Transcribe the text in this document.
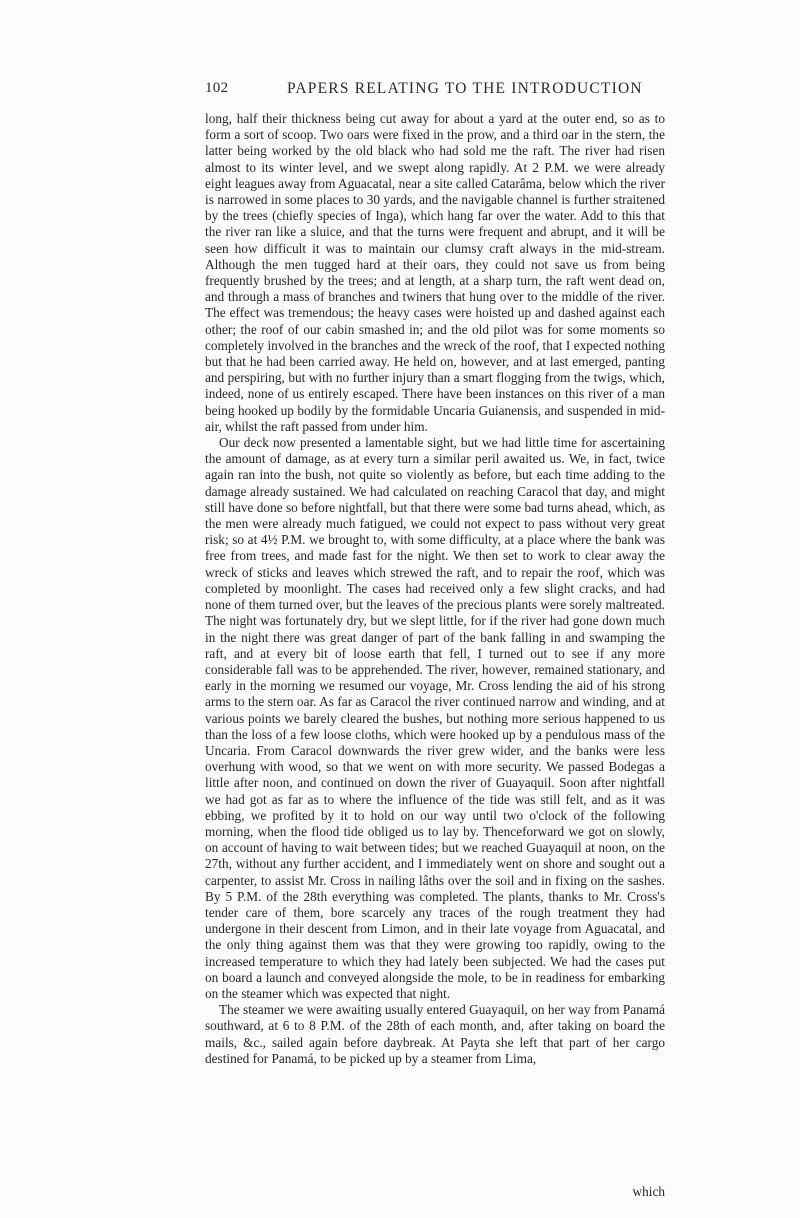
102	PAPERS RELATING TO THE INTRODUCTION

long, half their thickness being cut away for about a yard at the outer end, so as to form a sort of scoop. Two oars were fixed in the prow, and a third oar in the stern, the latter being worked by the old black who had sold me the raft. The river had risen almost to its winter level, and we swept along rapidly. At 2 P.M. we were already eight leagues away from Aguacatal, near a site called Catarâma, below which the river is narrowed in some places to 30 yards, and the navigable channel is further straitened by the trees (chiefly species of Inga), which hang far over the water. Add to this that the river ran like a sluice, and that the turns were frequent and abrupt, and it will be seen how difficult it was to maintain our clumsy craft always in the mid-stream. Although the men tugged hard at their oars, they could not save us from being frequently brushed by the trees; and at length, at a sharp turn, the raft went dead on, and through a mass of branches and twiners that hung over to the middle of the river. The effect was tremendous; the heavy cases were hoisted up and dashed against each other; the roof of our cabin smashed in; and the old pilot was for some moments so completely involved in the branches and the wreck of the roof, that I expected nothing but that he had been carried away. He held on, however, and at last emerged, panting and perspiring, but with no further injury than a smart flogging from the twigs, which, indeed, none of us entirely escaped. There have been instances on this river of a man being hooked up bodily by the formidable Uncaria Guianensis, and suspended in mid-air, whilst the raft passed from under him.

Our deck now presented a lamentable sight, but we had little time for ascertaining the amount of damage, as at every turn a similar peril awaited us. We, in fact, twice again ran into the bush, not quite so violently as before, but each time adding to the damage already sustained. We had calculated on reaching Caracol that day, and might still have done so before nightfall, but that there were some bad turns ahead, which, as the men were already much fatigued, we could not expect to pass without very great risk; so at 4½ P.M. we brought to, with some difficulty, at a place where the bank was free from trees, and made fast for the night. We then set to work to clear away the wreck of sticks and leaves which strewed the raft, and to repair the roof, which was completed by moonlight. The cases had received only a few slight cracks, and had none of them turned over, but the leaves of the precious plants were sorely maltreated. The night was fortunately dry, but we slept little, for if the river had gone down much in the night there was great danger of part of the bank falling in and swamping the raft, and at every bit of loose earth that fell, I turned out to see if any more considerable fall was to be apprehended. The river, however, remained stationary, and early in the morning we resumed our voyage, Mr. Cross lending the aid of his strong arms to the stern oar. As far as Caracol the river continued narrow and winding, and at various points we barely cleared the bushes, but nothing more serious happened to us than the loss of a few loose cloths, which were hooked up by a pendulous mass of the Uncaria. From Caracol downwards the river grew wider, and the banks were less overhung with wood, so that we went on with more security. We passed Bodegas a little after noon, and continued on down the river of Guayaquil. Soon after nightfall we had got as far as to where the influence of the tide was still felt, and as it was ebbing, we profited by it to hold on our way until two o'clock of the following morning, when the flood tide obliged us to lay by. Thenceforward we got on slowly, on account of having to wait between tides; but we reached Guayaquil at noon, on the 27th, without any further accident, and I immediately went on shore and sought out a carpenter, to assist Mr. Cross in nailing lâths over the soil and in fixing on the sashes. By 5 P.M. of the 28th everything was completed. The plants, thanks to Mr. Cross's tender care of them, bore scarcely any traces of the rough treatment they had undergone in their descent from Limon, and in their late voyage from Aguacatal, and the only thing against them was that they were growing too rapidly, owing to the increased temperature to which they had lately been subjected. We had the cases put on board a launch and conveyed alongside the mole, to be in readiness for embarking on the steamer which was expected that night.

The steamer we were awaiting usually entered Guayaquil, on her way from Panamá southward, at 6 to 8 P.M. of the 28th of each month, and, after taking on board the mails, &c., sailed again before daybreak. At Payta she left that part of her cargo destined for Panamá, to be picked up by a steamer from Lima,

which
